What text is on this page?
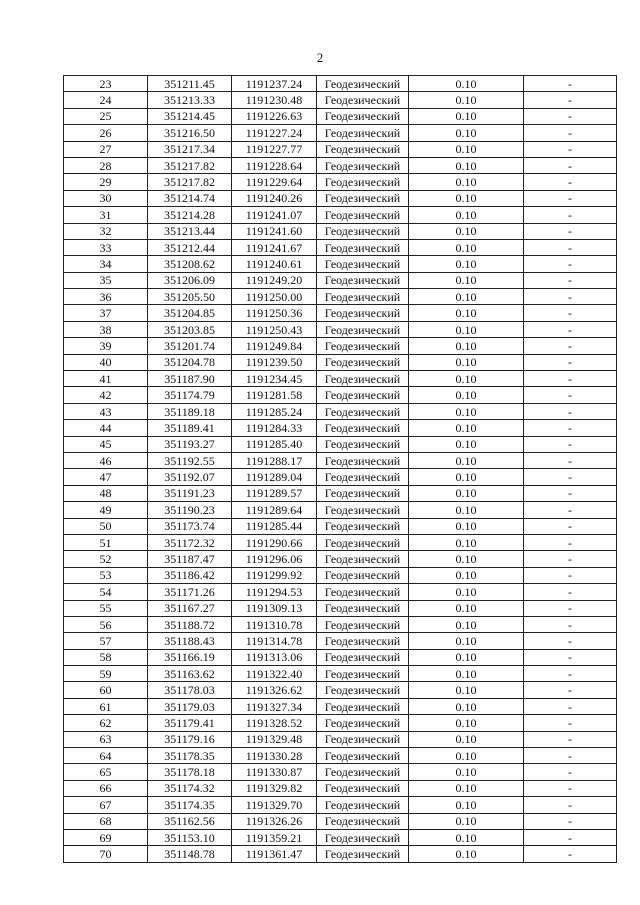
2
23	351211.45	1191237.24	Геодезический	0.10	-
24	351213.33	1191230.48	Геодезический	0.10	-
25	351214.45	1191226.63	Геодезический	0.10	-
26	351216.50	1191227.24	Геодезический	0.10	-
27	351217.34	1191227.77	Геодезический	0.10	-
28	351217.82	1191228.64	Геодезический	0.10	-
29	351217.82	1191229.64	Геодезический	0.10	-
30	351214.74	1191240.26	Геодезический	0.10	-
31	351214.28	1191241.07	Геодезический	0.10	-
32	351213.44	1191241.60	Геодезический	0.10	-
33	351212.44	1191241.67	Геодезический	0.10	-
34	351208.62	1191240.61	Геодезический	0.10	-
35	351206.09	1191249.20	Геодезический	0.10	-
36	351205.50	1191250.00	Геодезический	0.10	-
37	351204.85	1191250.36	Геодезический	0.10	-
38	351203.85	1191250.43	Геодезический	0.10	-
39	351201.74	1191249.84	Геодезический	0.10	-
40	351204.78	1191239.50	Геодезический	0.10	-
41	351187.90	1191234.45	Геодезический	0.10	-
42	351174.79	1191281.58	Геодезический	0.10	-
43	351189.18	1191285.24	Геодезический	0.10	-
44	351189.41	1191284.33	Геодезический	0.10	-
45	351193.27	1191285.40	Геодезический	0.10	-
46	351192.55	1191288.17	Геодезический	0.10	-
47	351192.07	1191289.04	Геодезический	0.10	-
48	351191.23	1191289.57	Геодезический	0.10	-
49	351190.23	1191289.64	Геодезический	0.10	-
50	351173.74	1191285.44	Геодезический	0.10	-
51	351172.32	1191290.66	Геодезический	0.10	-
52	351187.47	1191296.06	Геодезический	0.10	-
53	351186.42	1191299.92	Геодезический	0.10	-
54	351171.26	1191294.53	Геодезический	0.10	-
55	351167.27	1191309.13	Геодезический	0.10	-
56	351188.72	1191310.78	Геодезический	0.10	-
57	351188.43	1191314.78	Геодезический	0.10	-
58	351166.19	1191313.06	Геодезический	0.10	-
59	351163.62	1191322.40	Геодезический	0.10	-
60	351178.03	1191326.62	Геодезический	0.10	-
61	351179.03	1191327.34	Геодезический	0.10	-
62	351179.41	1191328.52	Геодезический	0.10	-
63	351179.16	1191329.48	Геодезический	0.10	-
64	351178.35	1191330.28	Геодезический	0.10	-
65	351178.18	1191330.87	Геодезический	0.10	-
66	351174.32	1191329.82	Геодезический	0.10	-
67	351174.35	1191329.70	Геодезический	0.10	-
68	351162.56	1191326.26	Геодезический	0.10	-
69	351153.10	1191359.21	Геодезический	0.10	-
70	351148.78	1191361.47	Геодезический	0.10	-
